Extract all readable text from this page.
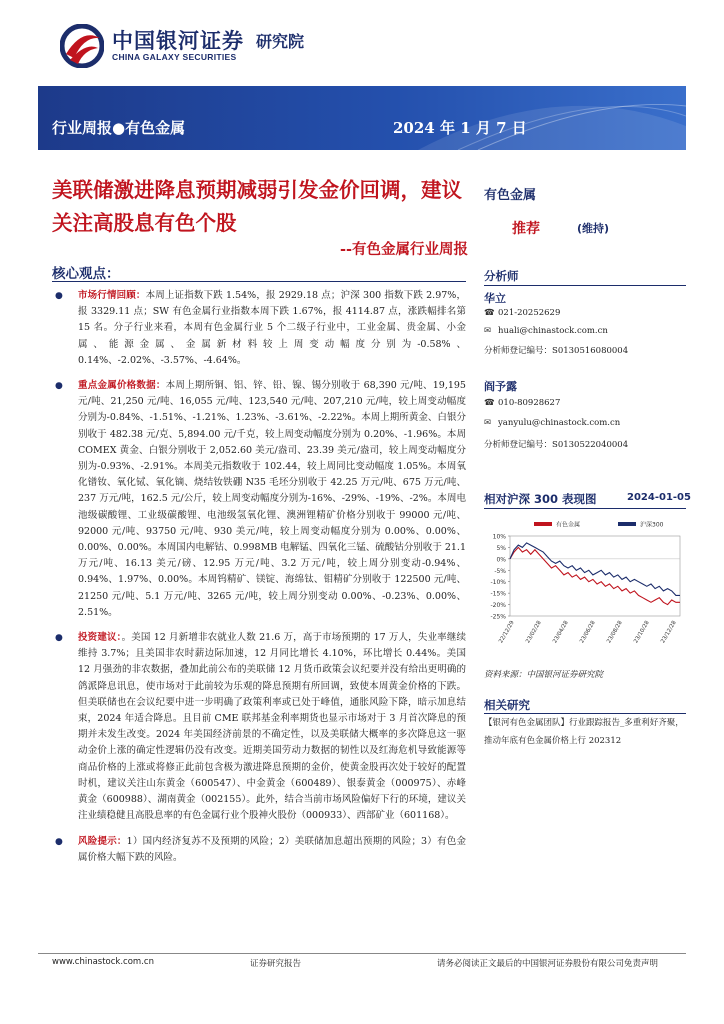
中国银河证券
CHINA GALAXY SECURITIES
研究院
行业周报●有色金属	2024 年 1 月 7 日
美联储激进降息预期减弱引发金价回调，建议关注高股息有色个股
--有色金属行业周报
核心观点：
● 市场行情回顾：本周上证指数下跌 1.54%，报 2929.18 点；沪深 300 指数下跌 2.97%，报 3329.11 点；SW 有色金属行业指数本周下跌 1.67%，报 4114.87 点，涨跌幅排名第 15 名。分子行业来看，本周有色金属行业 5 个二级子行业中，工业金属、贵金属、小金属、能源金属、金属新材料较上周变动幅度分别为-0.58%、0.14%、-2.02%、-3.57%、-4.64%。
● 重点金属价格数据：本周上期所铜、铝、锌、铅、镍、锡分别收于 68,390 元/吨、19,195 元/吨、21,250 元/吨、16,055 元/吨、123,540 元/吨、207,210 元/吨，较上周变动幅度分别为-0.84%、-1.51%、-1.21%、1.23%、-3.61%、-2.22%。本周上期所黄金、白银分别收于 482.38 元/克、5,894.00 元/千克，较上周变动幅度分别为 0.20%、-1.96%。本周 COMEX 黄金、白银分别收于 2,052.60 美元/盎司、23.39 美元/盎司，较上周变动幅度分别为-0.93%、-2.91%。本周美元指数收于 102.44，较上周同比变动幅度 1.05%。本周氧化镨钕、氧化铽、氧化镝、烧结钕铁硼 N35 毛坯分别收于 42.25 万元/吨、675 万元/吨、237 万元/吨，162.5 元/公斤，较上周变动幅度分别为-16%、-29%、-19%、-2%。本周电池级碳酸锂、工业级碳酸锂、电池级氢氧化锂、澳洲锂精矿价格分别收于 99000 元/吨、92000 元/吨、93750 元/吨、930 美元/吨，较上周变动幅度分别为 0.00%、0.00%、0.00%、0.00%。本周国内电解钴、0.998MB 电解锰、四氧化三锰、硫酸钴分别收于 21.1 万元/吨、16.13 美元/磅、12.95 万元/吨、3.2 万元/吨，较上周分别变动-0.94%、0.94%、1.97%、0.00%。本周钨精矿、镁锭、海绵钛、钼精矿分别收于 122500 元/吨、21250 元/吨、5.1 万元/吨、3265 元/吨，较上周分别变动 0.00%、-0.23%、0.00%、2.51%。
● 投资建议：。美国 12 月新增非农就业人数 21.6 万，高于市场预期的 17 万人，失业率继续维持 3.7%；且美国非农时薪边际加速，12 月同比增长 4.10%，环比增长 0.44%。美国 12 月强劲的非农数据，叠加此前公布的美联储 12 月货币政策会议纪要并没有给出更明确的鸽派降息讯息，使市场对于此前较为乐观的降息预期有所回调，致使本周黄金价格的下跌。但美联储也在会议纪要中进一步明确了政策利率或已处于峰值，通胀风险下降，暗示加息结束，2024 年适合降息。且目前 CME 联邦基金利率期货也显示市场对于 3 月首次降息的预期并未发生改变。2024 年美国经济前景的不确定性，以及美联储大概率的多次降息这一驱动金价上涨的确定性逻辑仍没有改变。近期美国劳动力数据的韧性以及红海危机导致能源等商品价格的上涨或将修正此前包含极为激进降息预期的金价，使黄金股再次处于较好的配置时机，建议关注山东黄金（600547）、中金黄金（600489）、银泰黄金（000975）、赤峰黄金（600988）、湖南黄金（002155）。此外，结合当前市场风险偏好下行的环境，建议关注业绩稳健且高股息率的有色金属行业个股神火股份（000933）、西部矿业（601168）。
● 风险提示：1）国内经济复苏不及预期的风险；2）美联储加息超出预期的风险；3）有色金属价格大幅下跌的风险。
有色金属
推荐	(维持)
分析师
华立
☎ 021-20252629
✉ huali@chinastock.com.cn
分析师登记编号：S0130516080004
阎予露
☎ 010-80928627
✉ yanyulu@chinastock.com.cn
分析师登记编号：S0130522040004
相对沪深 300 表现图	2024-01-05
10%
5%
0%
-5%
-10%
-15%
-20%
-25%
22/12/29 23/02/28 23/04/28 23/06/28 23/08/28 23/10/28 23/12/28
有色金属	沪深300
资料来源：中国银河证券研究院
相关研究
【银河有色金属团队】行业跟踪报告_多重利好齐聚，推动年底有色金属价格上行 202312
www.chinastock.com.cn	证券研究报告	请务必阅读正文最后的中国银河证券股份有限公司免责声明
